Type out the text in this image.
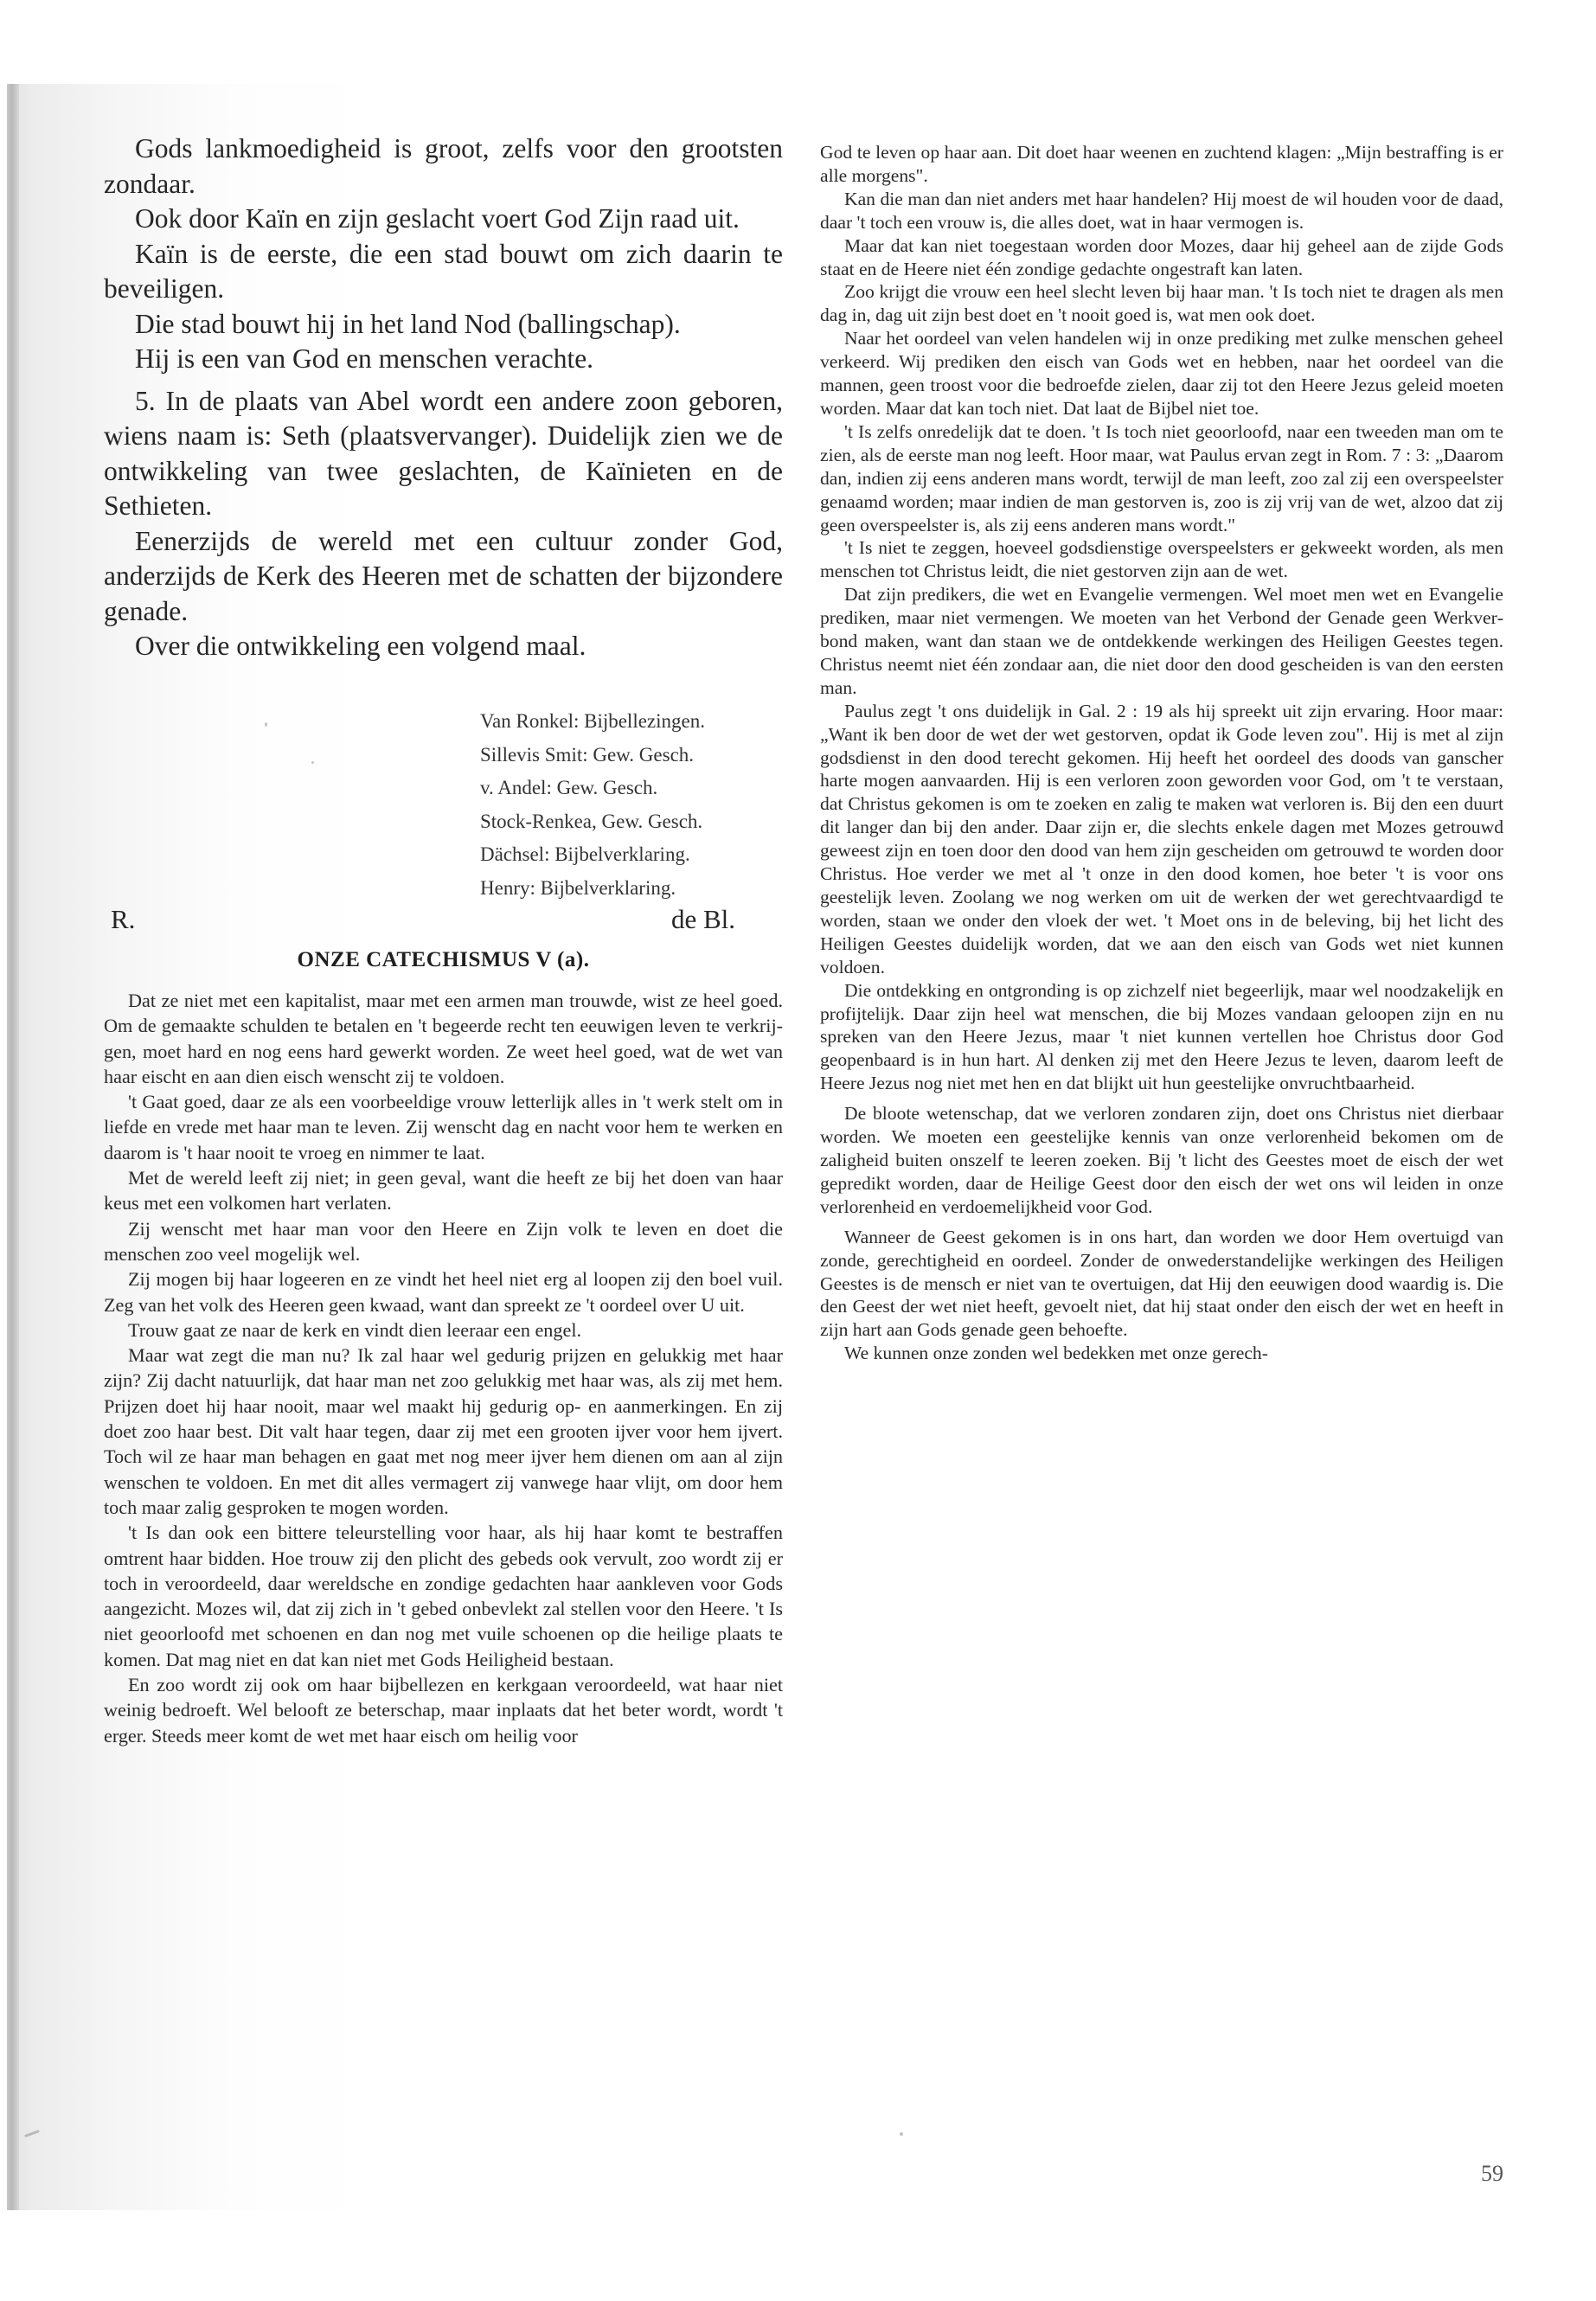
Gods lankmoedigheid is groot, zelfs voor den grootsten zondaar.

Ook door Kaïn en zijn geslacht voert God Zijn raad uit.

Kaïn is de eerste, die een stad bouwt om zich daarin te beveiligen.

Die stad bouwt hij in het land Nod (ballingschap).

Hij is een van God en menschen verachte.

5. In de plaats van Abel wordt een andere zoon geboren, wiens naam is: Seth (plaatsvervanger). Duidelijk zien we de ontwikkeling van twee geslachten, de Kaïnieten en de Sethieten.

Eenerzijds de wereld met een cultuur zonder God, anderzijds de Kerk des Heeren met de schatten der bijzondere genade.

Over die ontwikkeling een volgend maal.

Van Ronkel: Bijbellezingen.
Sillevis Smit: Gew. Gesch.
v. Andel: Gew. Gesch.
Stock-Renkea, Gew. Gesch.
Dächsel: Bijbelverklaring.
Henry: Bijbelverklaring.
R.	de Bl.
ONZE CATECHISMUS V (a).

Dat ze niet met een kapitalist, maar met een armen man trouwde, wist ze heel goed. Om de gemaakte schulden te betalen en 't begeerde recht ten eeuwigen leven te verkrijgen, moet hard en nog eens hard gewerkt worden. Ze weet heel goed, wat de wet van haar eischt en aan dien eisch wenscht zij te voldoen.

't Gaat goed, daar ze als een voorbeeldige vrouw letterlijk alles in 't werk stelt om in liefde en vrede met haar man te leven. Zij wenscht dag en nacht voor hem te werken en daarom is 't haar nooit te vroeg en nimmer te laat.

Met de wereld leeft zij niet; in geen geval, want die heeft ze bij het doen van haar keus met een volkomen hart verlaten.

Zij wenscht met haar man voor den Heere en Zijn volk te leven en doet die menschen zoo veel mogelijk wel.

Zij mogen bij haar logeeren en ze vindt het heel niet erg al loopen zij den boel vuil. Zeg van het volk des Heeren geen kwaad, want dan spreekt ze 't oordeel over U uit.

Trouw gaat ze naar de kerk en vindt dien leeraar een engel.

Maar wat zegt die man nu? Ik zal haar wel gedurig prijzen en gelukkig met haar zijn? Zij dacht natuurlijk, dat haar man net zoo gelukkig met haar was, als zij met hem. Prijzen doet hij haar nooit, maar wel maakt hij gedurig op- en aanmerkingen. En zij doet zoo haar best. Dit valt haar tegen, daar zij met een grooten ijver voor hem ijvert. Toch wil ze haar man behagen en gaat met nog meer ijver hem dienen om aan al zijn wenschen te voldoen. En met dit alles vermagert zij vanwege haar vlijt, om door hem toch maar zalig gesproken te mogen worden.

't Is dan ook een bittere teleurstelling voor haar, als hij haar komt te bestraffen omtrent haar bidden. Hoe trouw zij den plicht des gebeds ook vervult, zoo wordt zij er toch in veroordeeld, daar wereldsche en zondige gedachten haar aankleven voor Gods aangezicht. Mozes wil, dat zij zich in 't gebed onbevlekt zal stellen voor den Heere. 't Is niet geoorloofd met schoenen en dan nog met vuile schoenen op die heilige plaats te komen. Dat mag niet en dat kan niet met Gods Heiligheid bestaan.

En zoo wordt zij ook om haar bijbellezen en kerkgaan veroordeeld, wat haar niet weinig bedroeft. Wel belooft ze beterschap, maar inplaats dat het beter wordt, wordt 't erger. Steeds meer komt de wet met haar eisch om heilig voor

God te leven op haar aan. Dit doet haar weenen en zuchtend klagen: „Mijn bestraffing is er alle morgens".

Kan die man dan niet anders met haar handelen? Hij moest de wil houden voor de daad, daar 't toch een vrouw is, die alles doet, wat in haar vermogen is.

Maar dat kan niet toegestaan worden door Mozes, daar hij geheel aan de zijde Gods staat en de Heere niet één zondige gedachte ongestraft kan laten.

Zoo krijgt die vrouw een heel slecht leven bij haar man. 't Is toch niet te dragen als men dag in, dag uit zijn best doet en 't nooit goed is, wat men ook doet.

Naar het oordeel van velen handelen wij in onze prediking met zulke menschen geheel verkeerd. Wij prediken den eisch van Gods wet en hebben, naar het oordeel van die mannen, geen troost voor die bedroefde zielen, daar zij tot den Heere Jezus geleid moeten worden. Maar dat kan toch niet. Dat laat de Bijbel niet toe.

't Is zelfs onredelijk dat te doen. 't Is toch niet geoorloofd, naar een tweeden man om te zien, als de eerste man nog leeft. Hoor maar, wat Paulus ervan zegt in Rom. 7 : 3: „Daarom dan, indien zij eens anderen mans wordt, terwijl de man leeft, zoo zal zij een overspeelster genaamd worden; maar indien de man gestorven is, zoo is zij vrij van de wet, alzoo dat zij geen overspeelster is, als zij eens anderen mans wordt."

't Is niet te zeggen, hoeveel godsdienstige overspeelsters er gekweekt worden, als men menschen tot Christus leidt, die niet gestorven zijn aan de wet.

Dat zijn predikers, die wet en Evangelie vermengen. Wel moet men wet en Evangelie prediken, maar niet vermengen. We moeten van het Verbond der Genade geen Werkverbond maken, want dan staan we de ontdekkende werkingen des Heiligen Geestes tegen. Christus neemt niet één zondaar aan, die niet door den dood gescheiden is van den eersten man.

Paulus zegt 't ons duidelijk in Gal. 2 : 19 als hij spreekt uit zijn ervaring. Hoor maar: „Want ik ben door de wet der wet gestorven, opdat ik Gode leven zou". Hij is met al zijn godsdienst in den dood terecht gekomen. Hij heeft het oordeel des doods van ganscher harte mogen aanvaarden. Hij is een verloren zoon geworden voor God, om 't te verstaan, dat Christus gekomen is om te zoeken en zalig te maken wat verloren is. Bij den een duurt dit langer dan bij den ander. Daar zijn er, die slechts enkele dagen met Mozes getrouwd geweest zijn en toen door den dood van hem zijn gescheiden om getrouwd te worden door Christus. Hoe verder we met al 't onze in den dood komen, hoe beter 't is voor ons geestelijk leven. Zoolang we nog werken om uit de werken der wet gerechtvaardigd te worden, staan we onder den vloek der wet. 't Moet ons in de beleving, bij het licht des Heiligen Geestes duidelijk worden, dat we aan den eisch van Gods wet niet kunnen voldoen.

Die ontdekking en ontgronding is op zichzelf niet begeerlijk, maar wel noodzakelijk en profijtelijk. Daar zijn heel wat menschen, die bij Mozes vandaan geloopen zijn en nu spreken van den Heere Jezus, maar 't niet kunnen vertellen hoe Christus door God geopenbaard is in hun hart. Al denken zij met den Heere Jezus te leven, daarom leeft de Heere Jezus nog niet met hen en dat blijkt uit hun geestelijke onvruchtbaarheid.

De bloote wetenschap, dat we verloren zondaren zijn, doet ons Christus niet dierbaar worden. We moeten een geestelijke kennis van onze verlorenheid bekomen om de zaligheid buiten onszelf te leeren zoeken. Bij 't licht des Geestes moet de eisch der wet gepredikt worden, daar de Heilige Geest door den eisch der wet ons wil leiden in onze verlorenheid en verdoemelijkheid voor God.

Wanneer de Geest gekomen is in ons hart, dan worden we door Hem overtuigd van zonde, gerechtigheid en oordeel. Zonder de onwederstandelijke werkingen des Heiligen Geestes is de mensch er niet van te overtuigen, dat Hij den eeuwigen dood waardig is. Die den Geest der wet niet heeft, gevoelt niet, dat hij staat onder den eisch der wet en heeft in zijn hart aan Gods genade geen behoefte.

We kunnen onze zonden wel bedekken met onze gerech-

59
